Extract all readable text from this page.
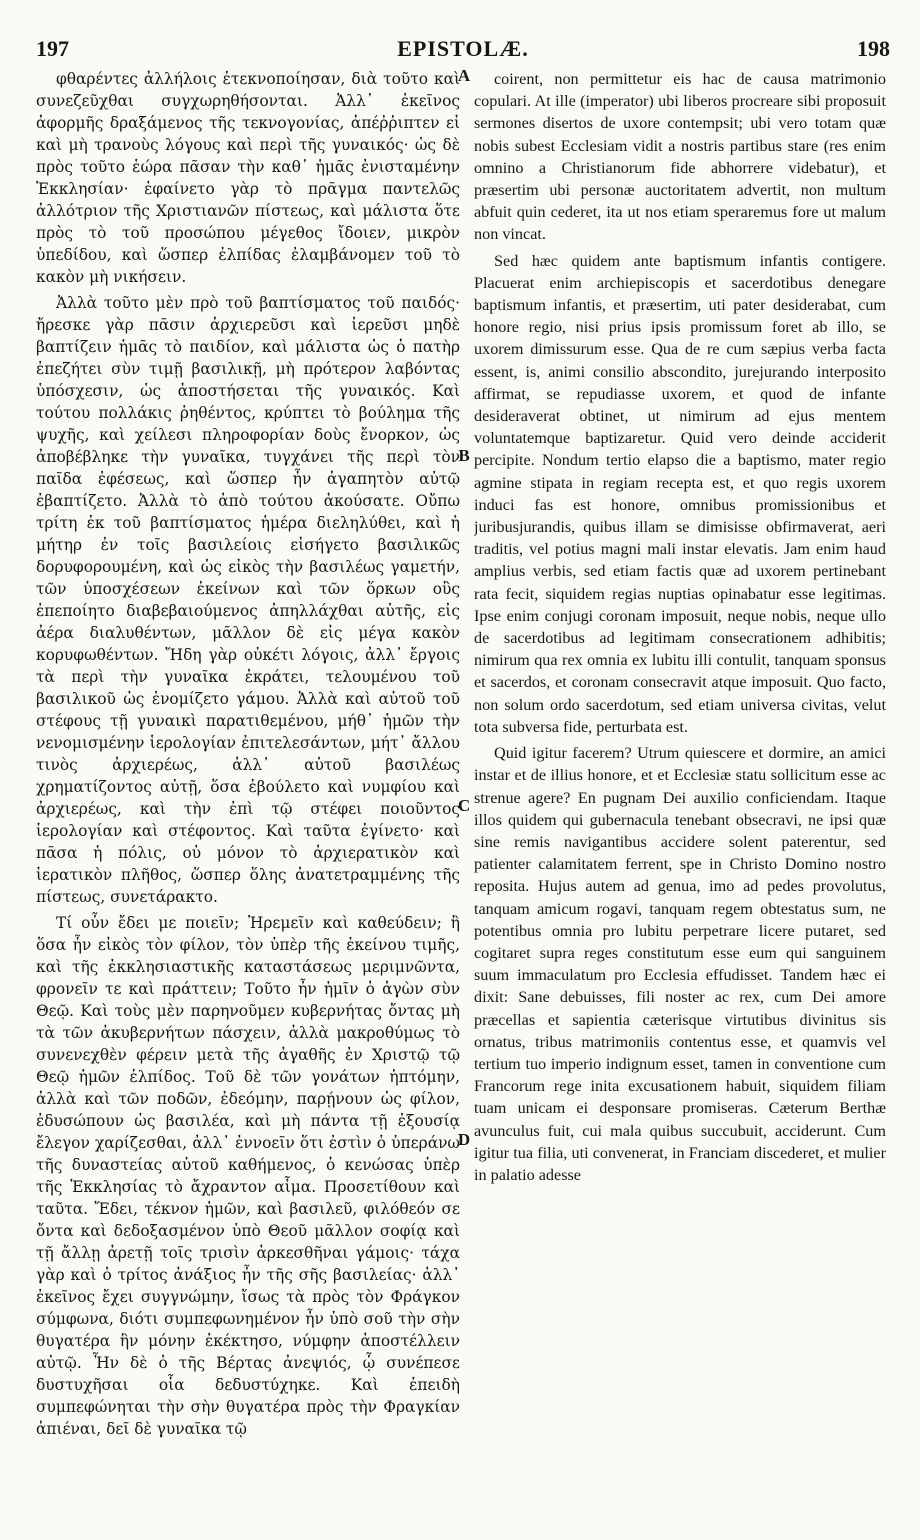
197	EPISTOLÆ.	198

φθαρέντες ἀλλήλοις ἐτεκνοποίησαν, διὰ τοῦτο καὶ συνεζεῦχθαι συγχωρηθήσονται. Ἀλλ᾽ ἐκεῖνος ἀφορμῆς δραξάμενος τῆς τεκνογονίας, ἀπέῤῥιπτεν εἰ καὶ μὴ τρανοὺς λόγους καὶ περὶ τῆς γυναικός· ὡς δὲ πρὸς τοῦτο ἑώρα πᾶσαν τὴν καθ᾽ ἡμᾶς ἐνισταμένην Ἐκκλησίαν· ἐφαίνετο γὰρ τὸ πρᾶγμα παντελῶς ἀλλότριον τῆς Χριστιανῶν πίστεως, καὶ μάλιστα ὅτε πρὸς τὸ τοῦ προσώπου μέγεθος ἴδοιεν, μικρὸν ὑπεδίδου, καὶ ὥσπερ ἐλπίδας ἐλαμβάνομεν τοῦ τὸ κακὸν μὴ νικήσειν.

Ἀλλὰ τοῦτο μὲν πρὸ τοῦ βαπτίσματος τοῦ παιδός· ἤρεσκε γὰρ πᾶσιν ἀρχιερεῦσι καὶ ἱερεῦσι μηδὲ βαπτίζειν ἡμᾶς τὸ παιδίον, καὶ μάλιστα ὡς ὁ πατὴρ ἐπεζήτει σὺν τιμῇ βασιλικῇ, μὴ πρότερον λαβόντας ὑπόσχεσιν, ὡς ἀποστήσεται τῆς γυναικός. Καὶ τούτου πολλάκις ῥηθέντος, κρύπτει τὸ βούλημα τῆς ψυχῆς, καὶ χείλεσι πληροφορίαν δοὺς ἔνορκον, ὡς ἀποβέβληκε τὴν γυναῖκα, τυγχάνει τῆς περὶ τὸν παῖδα ἐφέσεως, καὶ ὥσπερ ἦν ἀγαπητὸν αὐτῷ ἐβαπτίζετο. Ἀλλὰ τὸ ἀπὸ τούτου ἀκούσατε. Οὔπω τρίτη ἐκ τοῦ βαπτίσματος ἡμέρα διεληλύθει, καὶ ἡ μήτηρ ἐν τοῖς βασιλείοις εἰσήγετο βασιλικῶς δορυφορουμένη, καὶ ὡς εἰκὸς τὴν βασιλέως γαμετήν, τῶν ὑποσχέσεων ἐκείνων καὶ τῶν ὅρκων οὓς ἐπεποίητο διαβεβαιούμενος ἀπηλλάχθαι αὐτῆς, εἰς ἀέρα διαλυθέντων, μᾶλλον δὲ εἰς μέγα κακὸν κορυφωθέντων. Ἤδη γὰρ οὐκέτι λόγοις, ἀλλ᾽ ἔργοις τὰ περὶ τὴν γυναῖκα ἐκράτει, τελουμένου τοῦ βασιλικοῦ ὡς ἐνομίζετο γάμου. Ἀλλὰ καὶ αὐτοῦ τοῦ στέφους τῇ γυναικὶ παρατιθεμένου, μήθ᾽ ἡμῶν τὴν νενομισμένην ἱερολογίαν ἐπιτελεσάντων, μήτ᾽ ἄλλου τινὸς ἀρχιερέως, ἀλλ᾽ αὐτοῦ βασιλέως χρηματίζοντος αὐτῇ, ὅσα ἐβούλετο καὶ νυμφίου καὶ ἀρχιερέως, καὶ τὴν ἐπὶ τῷ στέφει ποιοῦντος ἱερολογίαν καὶ στέφοντος. Καὶ ταῦτα ἐγίνετο· καὶ πᾶσα ἡ πόλις, οὐ μόνον τὸ ἀρχιερατικὸν καὶ ἱερατικὸν πλῆθος, ὥσπερ ὅλης ἀνατετραμμένης τῆς πίστεως, συνετάρακτο.

Τί οὖν ἔδει με ποιεῖν; Ἠρεμεῖν καὶ καθεύδειν; ἢ ὅσα ἦν εἰκὸς τὸν φίλον, τὸν ὑπὲρ τῆς ἐκείνου τιμῆς, καὶ τῆς ἐκκλησιαστικῆς καταστάσεως μεριμνῶντα, φρονεῖν τε καὶ πράττειν; Τοῦτο ἦν ἡμῖν ὁ ἀγὼν σὺν Θεῷ. Καὶ τοὺς μὲν παρηνοῦμεν κυβερνήτας ὄντας μὴ τὰ τῶν ἀκυβερνήτων πάσχειν, ἀλλὰ μακροθύμως τὸ συνενεχθὲν φέρειν μετὰ τῆς ἀγαθῆς ἐν Χριστῷ τῷ Θεῷ ἡμῶν ἐλπίδος. Τοῦ δὲ τῶν γονάτων ἡπτόμην, ἀλλὰ καὶ τῶν ποδῶν, ἐδεόμην, παρῄνουν ὡς φίλον, ἐδυσώπουν ὡς βασιλέα, καὶ μὴ πάντα τῇ ἐξουσίᾳ ἔλεγον χαρίζεσθαι, ἀλλ᾽ ἐννοεῖν ὅτι ἐστὶν ὁ ὑπεράνω τῆς δυναστείας αὐτοῦ καθήμενος, ὁ κενώσας ὑπὲρ τῆς Ἐκκλησίας τὸ ἄχραντον αἷμα. Προσετίθουν καὶ ταῦτα. Ἔδει, τέκνον ἡμῶν, καὶ βασιλεῦ, φιλόθεόν σε ὄντα καὶ δεδοξασμένον ὑπὸ Θεοῦ μᾶλλον σοφίᾳ καὶ τῇ ἄλλῃ ἀρετῇ τοῖς τρισὶν ἀρκεσθῆναι γάμοις· τάχα γὰρ καὶ ὁ τρίτος ἀνάξιος ἦν τῆς σῆς βασιλείας· ἀλλ᾽ ἐκεῖνος ἔχει συγγνώμην, ἴσως τὰ πρὸς τὸν Φράγκον σύμφωνα, διότι συμπεφωνημένον ἦν ὑπὸ σοῦ τὴν σὴν θυγατέρα ἣν μόνην ἐκέκτησο, νύμφην ἀποστέλλειν αὐτῷ. Ἦν δὲ ὁ τῆς Βέρτας ἀνεψιός, ᾧ συνέπεσε δυστυχῆσαι οἷα δεδυστύχηκε. Καὶ ἐπειδὴ συμπεφώνηται τὴν σὴν θυγατέρα πρὸς τὴν Φραγκίαν ἀπιέναι, δεῖ δὲ γυναῖκα τῷ

A
B
C
D

coirent, non permittetur eis hac de causa matrimonio copulari. At ille (imperator) ubi liberos procreare sibi proposuit sermones disertos de uxore contempsit; ubi vero totam quæ nobis subest Ecclesiam vidit a nostris partibus stare (res enim omnino a Christianorum fide abhorrere videbatur), et præsertim ubi personæ auctoritatem advertit, non multum abfuit quin cederet, ita ut nos etiam speraremus fore ut malum non vincat.

Sed hæc quidem ante baptismum infantis contigere. Placuerat enim archiepiscopis et sacerdotibus denegare baptismum infantis, et præsertim, uti pater desiderabat, cum honore regio, nisi prius ipsis promissum foret ab illo, se uxorem dimissurum esse. Qua de re cum sæpius verba facta essent, is, animi consilio abscondito, jurejurando interposito affirmat, se repudiasse uxorem, et quod de infante desideraverat obtinet, ut nimirum ad ejus mentem voluntatemque baptizaretur. Quid vero deinde acciderit percipite. Nondum tertio elapso die a baptismo, mater regio agmine stipata in regiam recepta est, et quo regis uxorem induci fas est honore, omnibus promissionibus et juribusjurandis, quibus illam se dimisisse obfirmaverat, aeri traditis, vel potius magni mali instar elevatis. Jam enim haud amplius verbis, sed etiam factis quæ ad uxorem pertinebant rata fecit, siquidem regias nuptias opinabatur esse legitimas. Ipse enim conjugi coronam imposuit, neque nobis, neque ullo de sacerdotibus ad legitimam consecrationem adhibitis; nimirum qua rex omnia ex lubitu illi contulit, tanquam sponsus et sacerdos, et coronam consecravit atque imposuit. Quo facto, non solum ordo sacerdotum, sed etiam universa civitas, velut tota subversa fide, perturbata est.

Quid igitur facerem? Utrum quiescere et dormire, an amici instar et de illius honore, et et Ecclesiæ statu sollicitum esse ac strenue agere? En pugnam Dei auxilio conficiendam. Itaque illos quidem qui gubernacula tenebant obsecravi, ne ipsi quæ sine remis navigantibus accidere solent paterentur, sed patienter calamitatem ferrent, spe in Christo Domino nostro reposita. Hujus autem ad genua, imo ad pedes provolutus, tanquam amicum rogavi, tanquam regem obtestatus sum, ne potentibus omnia pro lubitu perpetrare licere putaret, sed cogitaret supra reges constitutum esse eum qui sanguinem suum immaculatum pro Ecclesia effudisset. Tandem hæc ei dixit: Sane debuisses, fili noster ac rex, cum Dei amore præcellas et sapientia cæterisque virtutibus divinitus sis ornatus, tribus matrimoniis contentus esse, et quamvis vel tertium tuo imperio indignum esset, tamen in conventione cum Francorum rege inita excusationem habuit, siquidem filiam tuam unicam ei desponsare promiseras. Cæterum Berthæ avunculus fuit, cui mala quibus succubuit, acciderunt. Cum igitur tua filia, uti convenerat, in Franciam discederet, et mulier in palatio adesse
